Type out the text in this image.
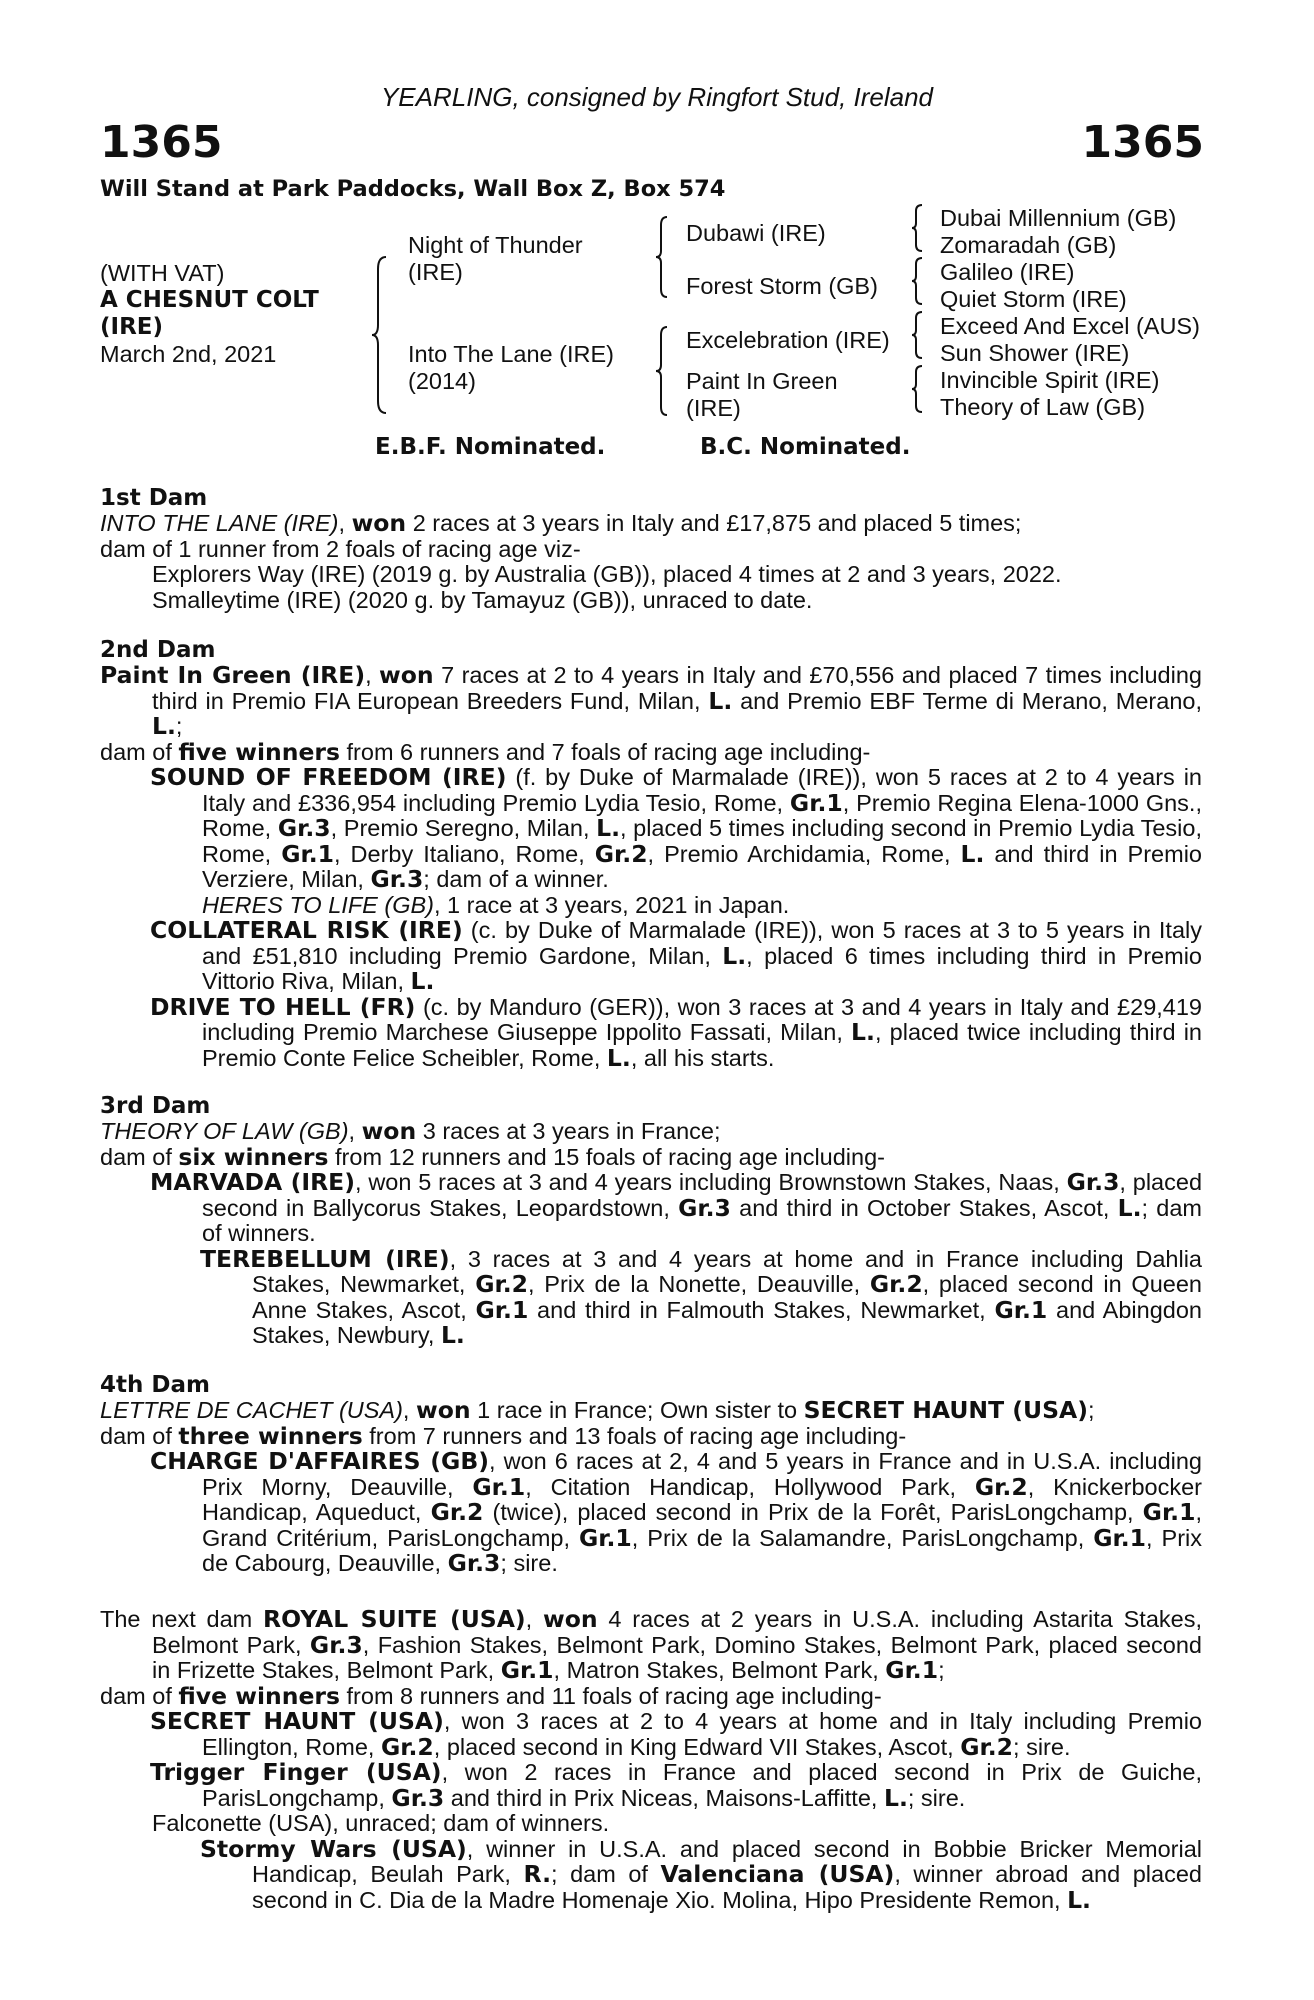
YEARLING, consigned by Ringfort Stud, Ireland
1365	1365
Will Stand at Park Paddocks, Wall Box Z, Box 574
(WITH VAT)
A CHESNUT COLT
(IRE)
March 2nd, 2021
Night of Thunder
(IRE)
Into The Lane (IRE)
(2014)
Dubawi (IRE)
Forest Storm (GB)
Excelebration (IRE)
Paint In Green
(IRE)
Dubai Millennium (GB)
Zomaradah (GB)
Galileo (IRE)
Quiet Storm (IRE)
Exceed And Excel (AUS)
Sun Shower (IRE)
Invincible Spirit (IRE)
Theory of Law (GB)
E.B.F. Nominated.	B.C. Nominated.
1st Dam

INTO THE LANE (IRE), won 2 races at 3 years in Italy and £17,875 and placed 5 times;

dam of 1 runner from 2 foals of racing age viz-

Explorers Way (IRE) (2019 g. by Australia (GB)), placed 4 times at 2 and 3 years, 2022.

Smalleytime (IRE) (2020 g. by Tamayuz (GB)), unraced to date.

2nd Dam

Paint In Green (IRE), won 7 races at 2 to 4 years in Italy and £70,556 and placed 7 times including third in Premio FIA European Breeders Fund, Milan, L. and Premio EBF Terme di Merano, Merano, L.;

dam of five winners from 6 runners and 7 foals of racing age including-

SOUND OF FREEDOM (IRE) (f. by Duke of Marmalade (IRE)), won 5 races at 2 to 4 years in Italy and £336,954 including Premio Lydia Tesio, Rome, Gr.1, Premio Regina Elena-1000 Gns., Rome, Gr.3, Premio Seregno, Milan, L., placed 5 times including second in Premio Lydia Tesio, Rome, Gr.1, Derby Italiano, Rome, Gr.2, Premio Archidamia, Rome, L. and third in Premio Verziere, Milan, Gr.3; dam of a winner.

HERES TO LIFE (GB), 1 race at 3 years, 2021 in Japan.

COLLATERAL RISK (IRE) (c. by Duke of Marmalade (IRE)), won 5 races at 3 to 5 years in Italy and £51,810 including Premio Gardone, Milan, L., placed 6 times including third in Premio Vittorio Riva, Milan, L.

DRIVE TO HELL (FR) (c. by Manduro (GER)), won 3 races at 3 and 4 years in Italy and £29,419 including Premio Marchese Giuseppe Ippolito Fassati, Milan, L., placed twice including third in Premio Conte Felice Scheibler, Rome, L., all his starts.

3rd Dam

THEORY OF LAW (GB), won 3 races at 3 years in France;

dam of six winners from 12 runners and 15 foals of racing age including-

MARVADA (IRE), won 5 races at 3 and 4 years including Brownstown Stakes, Naas, Gr.3, placed second in Ballycorus Stakes, Leopardstown, Gr.3 and third in October Stakes, Ascot, L.; dam of winners.

TEREBELLUM (IRE), 3 races at 3 and 4 years at home and in France including Dahlia Stakes, Newmarket, Gr.2, Prix de la Nonette, Deauville, Gr.2, placed second in Queen Anne Stakes, Ascot, Gr.1 and third in Falmouth Stakes, Newmarket, Gr.1 and Abingdon Stakes, Newbury, L.

4th Dam

LETTRE DE CACHET (USA), won 1 race in France; Own sister to SECRET HAUNT (USA);

dam of three winners from 7 runners and 13 foals of racing age including-

CHARGE D'AFFAIRES (GB), won 6 races at 2, 4 and 5 years in France and in U.S.A. including Prix Morny, Deauville, Gr.1, Citation Handicap, Hollywood Park, Gr.2, Knickerbocker Handicap, Aqueduct, Gr.2 (twice), placed second in Prix de la Forêt, ParisLongchamp, Gr.1, Grand Critérium, ParisLongchamp, Gr.1, Prix de la Salamandre, ParisLongchamp, Gr.1, Prix de Cabourg, Deauville, Gr.3; sire.

The next dam ROYAL SUITE (USA), won 4 races at 2 years in U.S.A. including Astarita Stakes, Belmont Park, Gr.3, Fashion Stakes, Belmont Park, Domino Stakes, Belmont Park, placed second in Frizette Stakes, Belmont Park, Gr.1, Matron Stakes, Belmont Park, Gr.1;

dam of five winners from 8 runners and 11 foals of racing age including-

SECRET HAUNT (USA), won 3 races at 2 to 4 years at home and in Italy including Premio Ellington, Rome, Gr.2, placed second in King Edward VII Stakes, Ascot, Gr.2; sire.

Trigger Finger (USA), won 2 races in France and placed second in Prix de Guiche, ParisLongchamp, Gr.3 and third in Prix Niceas, Maisons-Laffitte, L.; sire.

Falconette (USA), unraced; dam of winners.

Stormy Wars (USA), winner in U.S.A. and placed second in Bobbie Bricker Memorial Handicap, Beulah Park, R.; dam of Valenciana (USA), winner abroad and placed second in C. Dia de la Madre Homenaje Xio. Molina, Hipo Presidente Remon, L.
